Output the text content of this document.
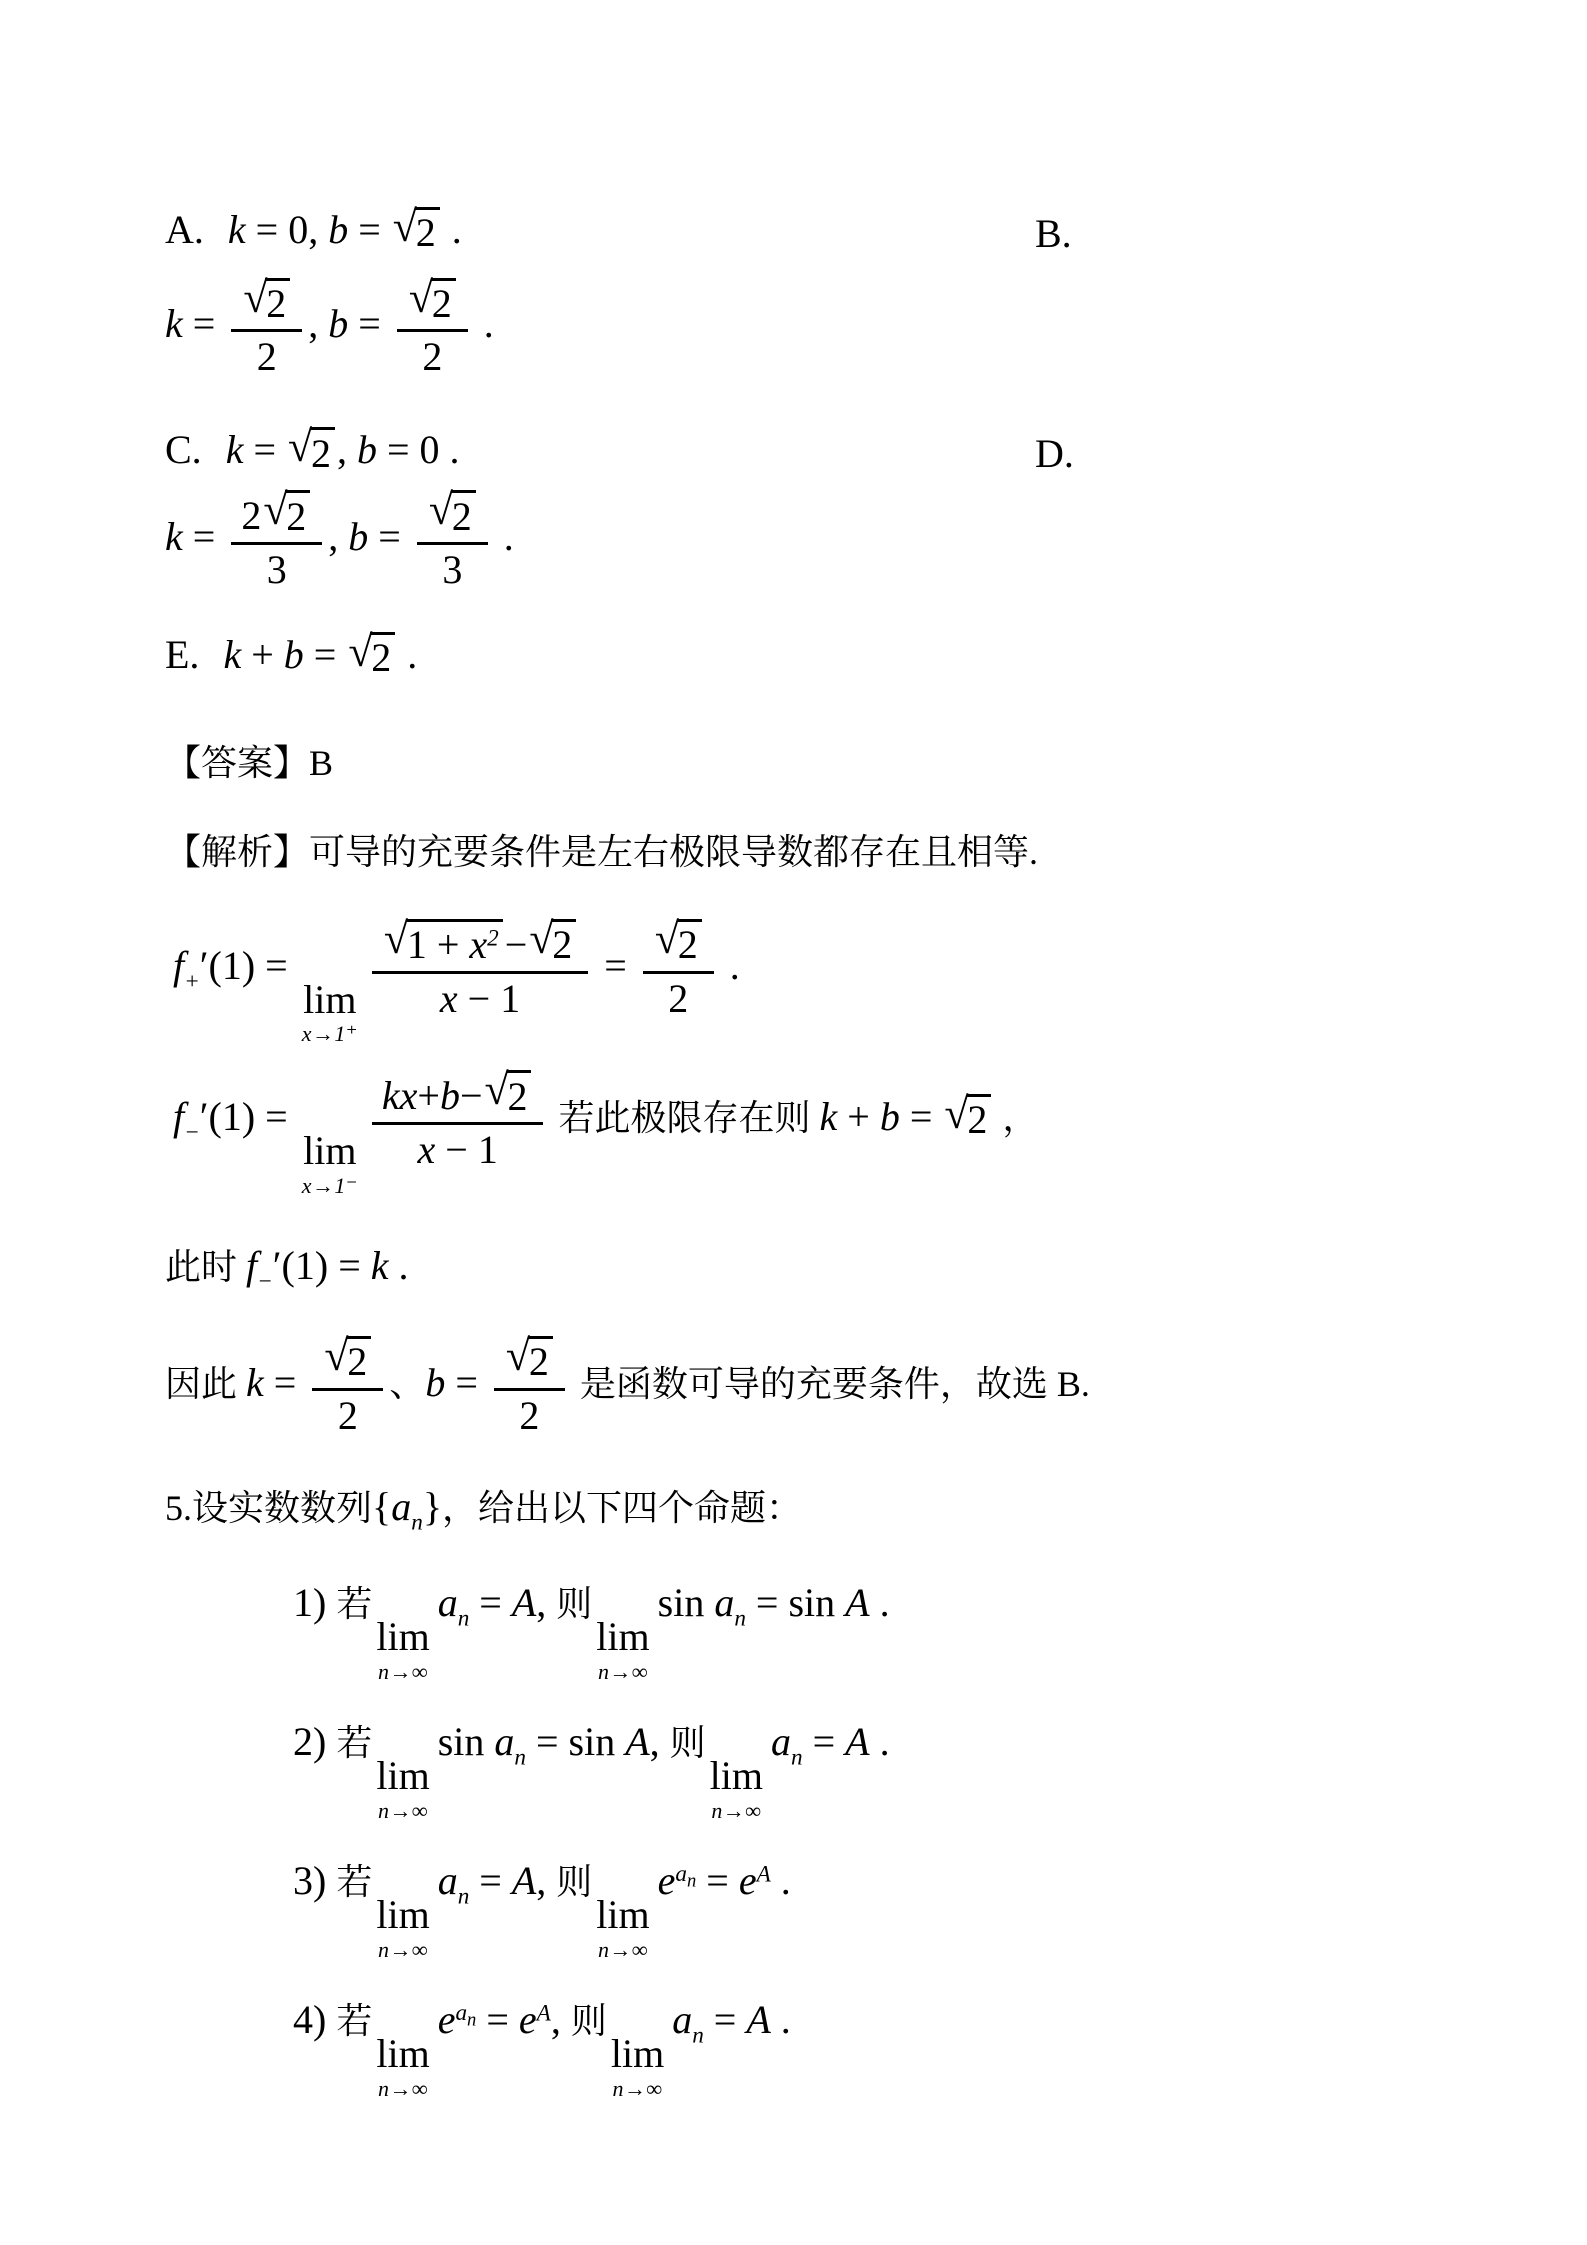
A. k = 0, b = √
2 .	B.
k = √
2
2 , b = √
2
2 .
C. k = √
2 , b = 0 .	D.
k = 2 √
2
3 , b = √
2
3 .
E. k + b = √
2 .
【答案】B
【解析】可导的充要条件是左右极限导数都存在且相等.
$f_+'(1)$ =
lim
x→1⁺
√
$1 + x^2$ − √
2
x − 1 = √
2
2 .
$f_-'(1)$ =
lim
x→1⁻
kx + b − √
2
x − 1 若此极限存在则 k + b = √
2 ，
此时 $f_-'(1) = k$ .
因此 k = √
2
2 、b = √
2
2 是函数可导的充要条件，故选 B.
5.设实数数列$\{a_n\}$，给出以下四个命题：
1) 若
lim
n→∞
$a_n = A$, 则
lim
n→∞
$\sin a_n = \sin A$ .
2) 若
lim
n→∞
$\sin a_n = \sin A$, 则
lim
n→∞
$a_n = A$ .
3) 若
lim
n→∞
$a_n = A$, 则
lim
n→∞
$e^{a_n} = e^A$ .
4) 若
lim
n→∞
$e^{a_n} = e^A$, 则
lim
n→∞
$a_n = A$ .
